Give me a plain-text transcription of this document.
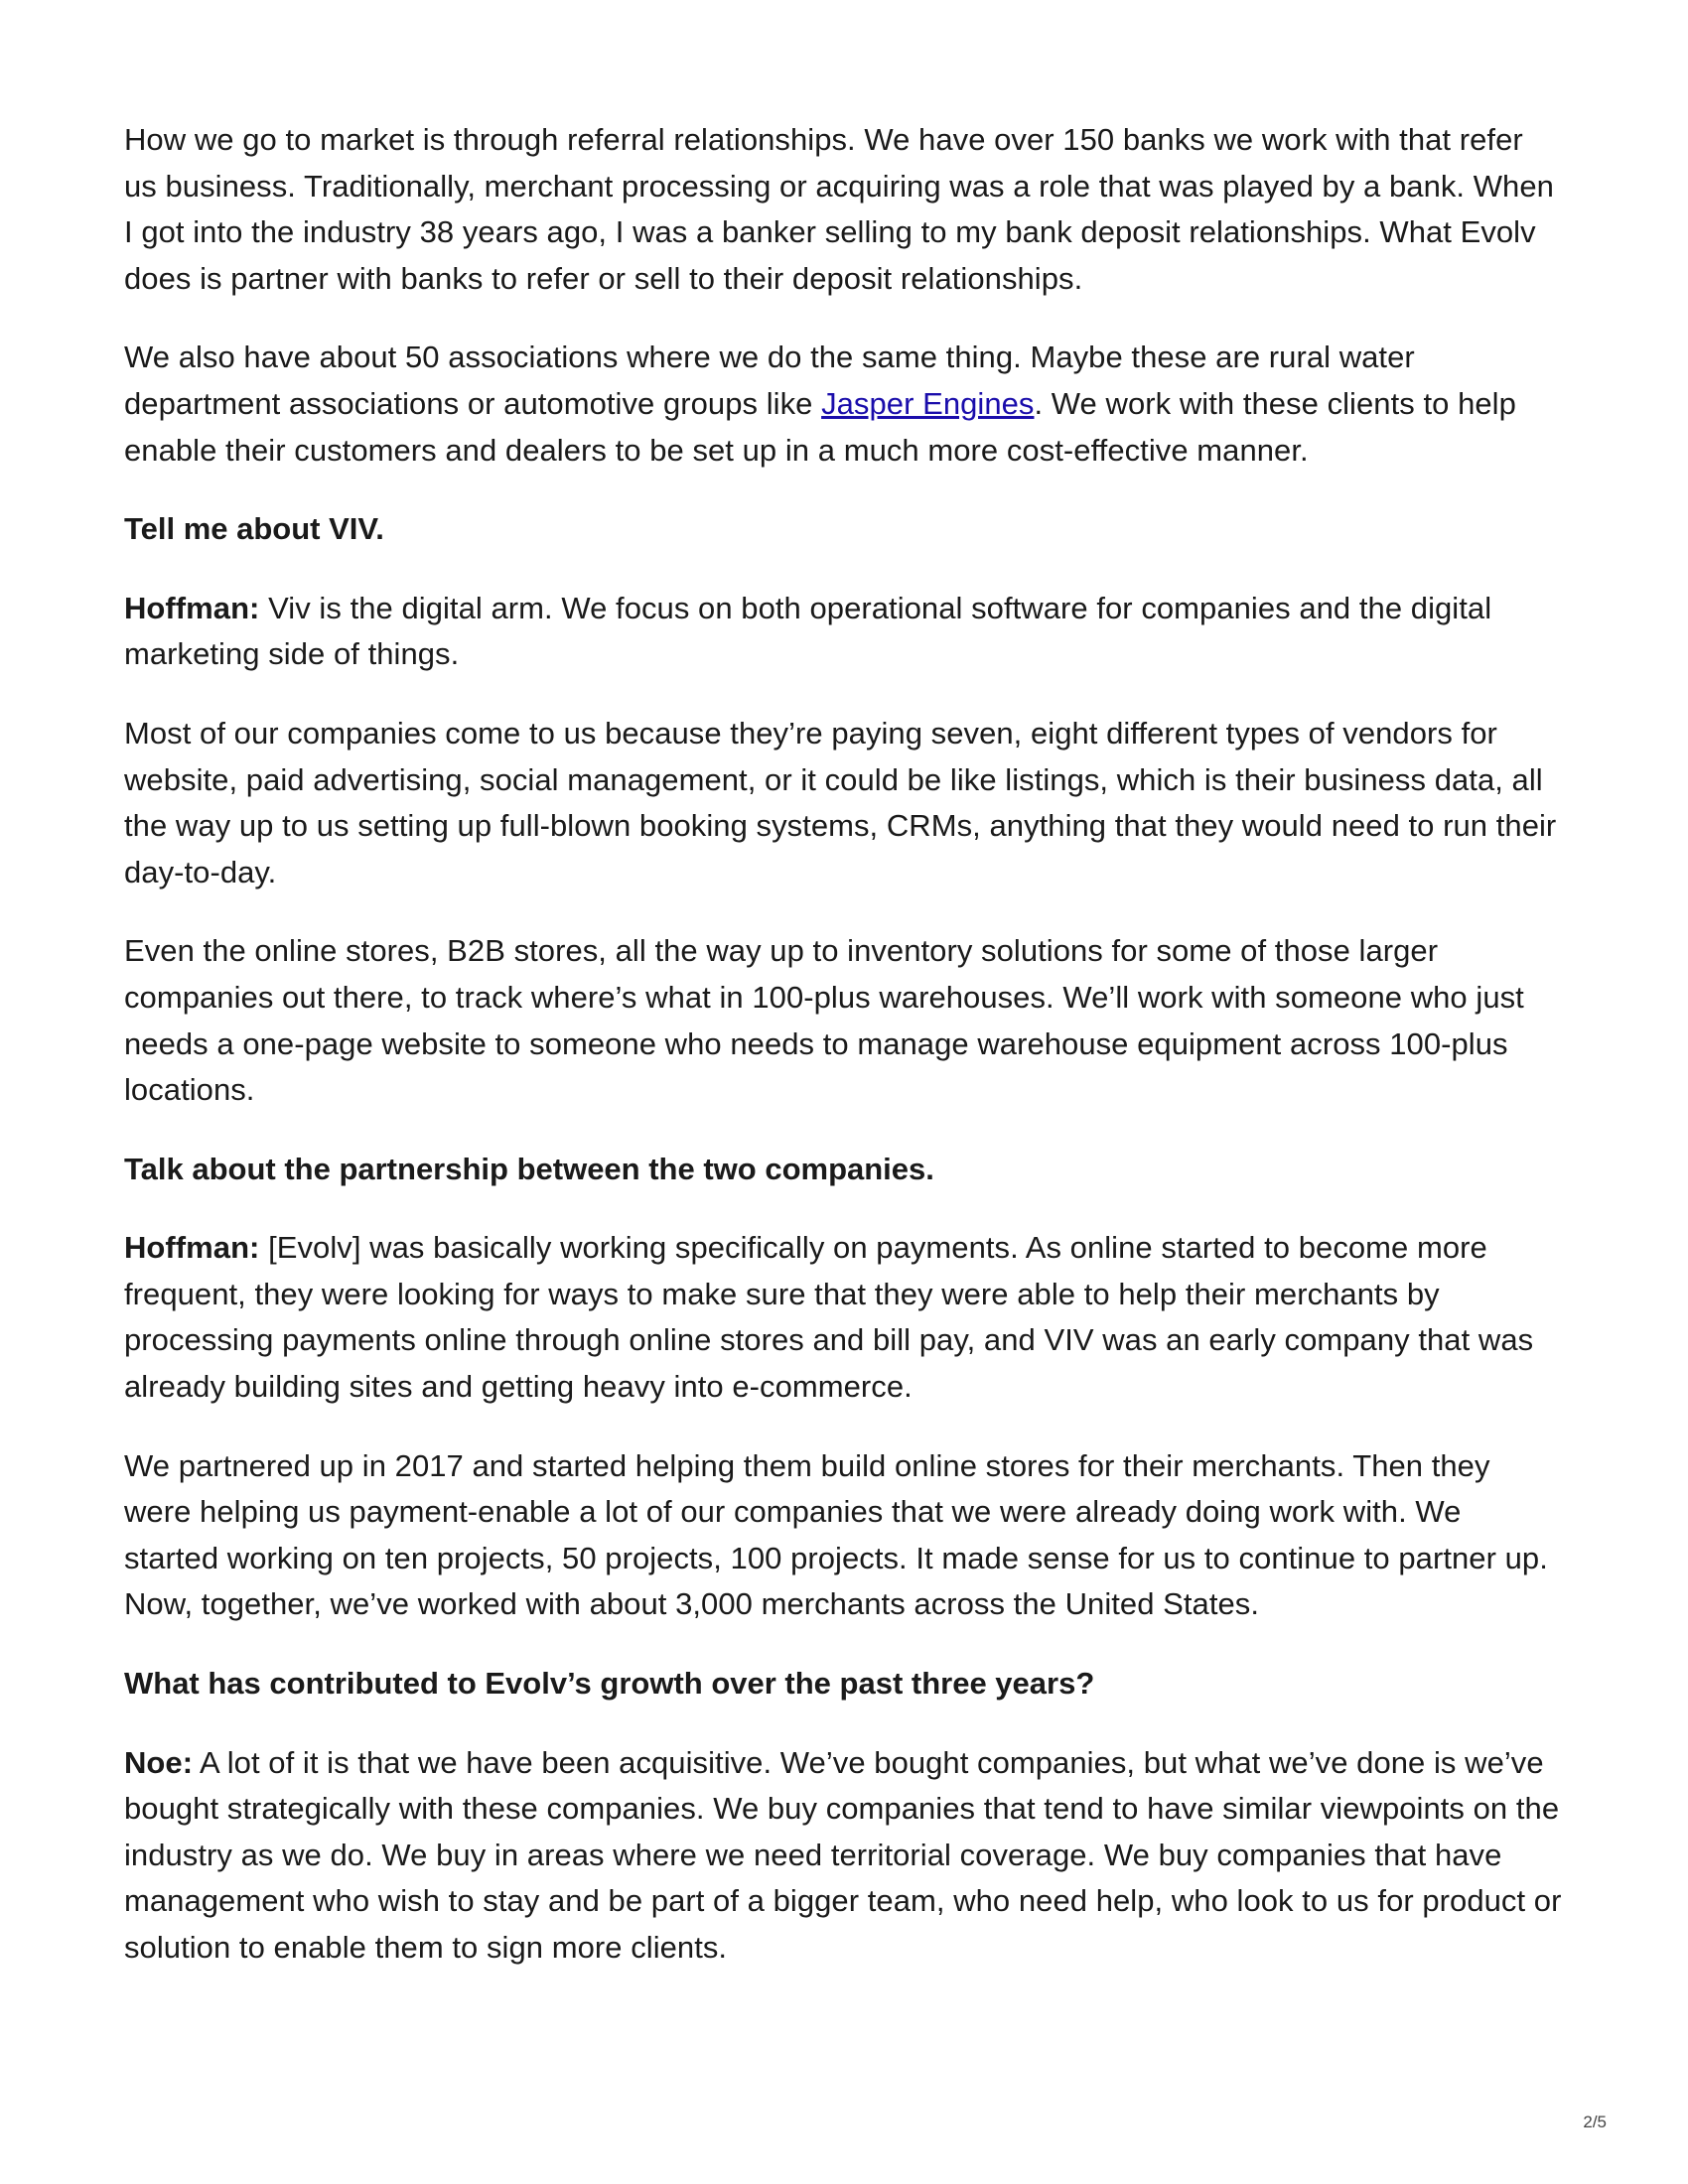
How we go to market is through referral relationships. We have over 150 banks we work with that refer us business. Traditionally, merchant processing or acquiring was a role that was played by a bank. When I got into the industry 38 years ago, I was a banker selling to my bank deposit relationships. What Evolv does is partner with banks to refer or sell to their deposit relationships.

We also have about 50 associations where we do the same thing. Maybe these are rural water department associations or automotive groups like Jasper Engines. We work with these clients to help enable their customers and dealers to be set up in a much more cost-effective manner.

Tell me about VIV.

Hoffman: Viv is the digital arm. We focus on both operational software for companies and the digital marketing side of things.

Most of our companies come to us because they’re paying seven, eight different types of vendors for website, paid advertising, social management, or it could be like listings, which is their business data, all the way up to us setting up full-blown booking systems, CRMs, anything that they would need to run their day-to-day.

Even the online stores, B2B stores, all the way up to inventory solutions for some of those larger companies out there, to track where’s what in 100-plus warehouses. We’ll work with someone who just needs a one-page website to someone who needs to manage warehouse equipment across 100-plus locations.

Talk about the partnership between the two companies.

Hoffman: [Evolv] was basically working specifically on payments. As online started to become more frequent, they were looking for ways to make sure that they were able to help their merchants by processing payments online through online stores and bill pay, and VIV was an early company that was already building sites and getting heavy into e-commerce.

We partnered up in 2017 and started helping them build online stores for their merchants. Then they were helping us payment-enable a lot of our companies that we were already doing work with. We started working on ten projects, 50 projects, 100 projects. It made sense for us to continue to partner up. Now, together, we’ve worked with about 3,000 merchants across the United States.

What has contributed to Evolv’s growth over the past three years?

Noe: A lot of it is that we have been acquisitive. We’ve bought companies, but what we’ve done is we’ve bought strategically with these companies. We buy companies that tend to have similar viewpoints on the industry as we do. We buy in areas where we need territorial coverage. We buy companies that have management who wish to stay and be part of a bigger team, who need help, who look to us for product or solution to enable them to sign more clients.

2/5
